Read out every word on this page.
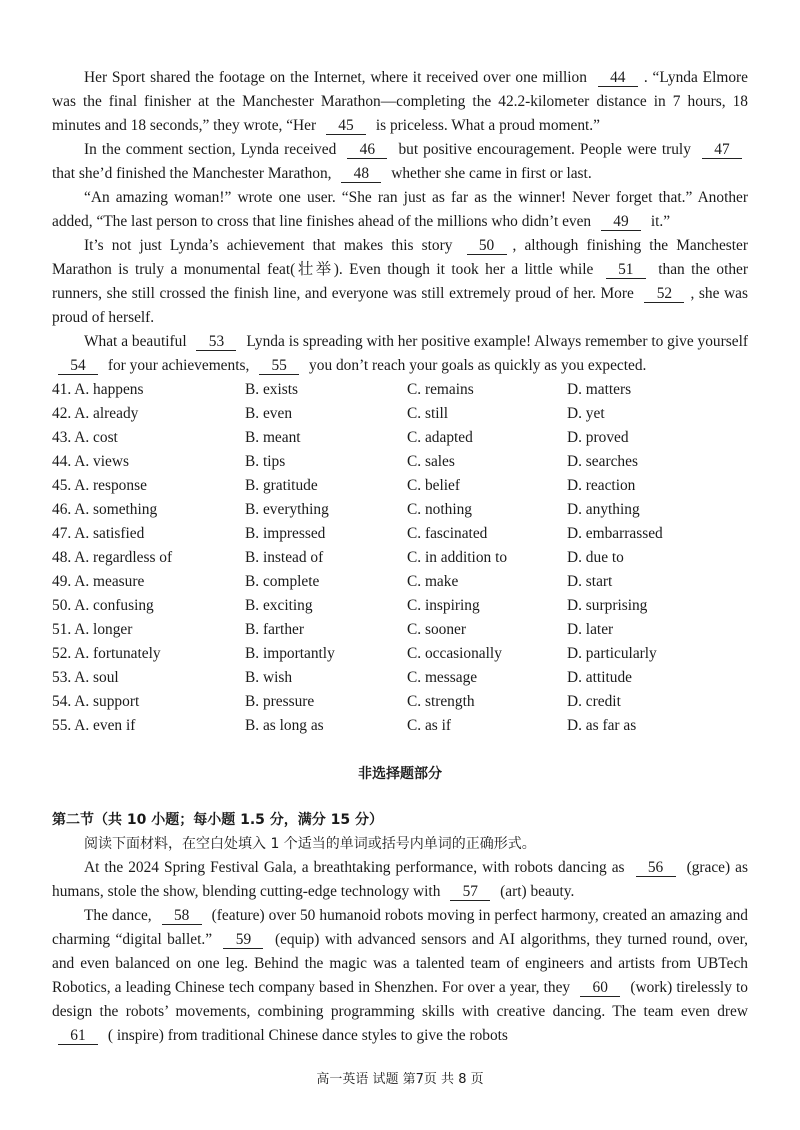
Her Sport shared the footage on the Internet, where it received over one million 44 . “Lynda Elmore was the final finisher at the Manchester Marathon—completing the 42.2-kilometer distance in 7 hours, 18 minutes and 18 seconds,” they wrote, “Her 45 is priceless. What a proud moment.”

In the comment section, Lynda received 46 but positive encouragement. People were truly 47 that she’d finished the Manchester Marathon, 48 whether she came in first or last.

“An amazing woman!” wrote one user. “She ran just as far as the winner! Never forget that.” Another added, “The last person to cross that line finishes ahead of the millions who didn’t even 49 it.”

It’s not just Lynda’s achievement that makes this story 50 , although finishing the Manchester Marathon is truly a monumental feat(壮举). Even though it took her a little while 51 than the other runners, she still crossed the finish line, and everyone was still extremely proud of her. More 52 , she was proud of herself.

What a beautiful 53 Lynda is spreading with her positive example! Always remember to give yourself 54 for your achievements, 55 you don’t reach your goals as quickly as you expected.

41. A. happens	B. exists	C. remains	D. matters
42. A. already	B. even	C. still	D. yet
43. A. cost	B. meant	C. adapted	D. proved
44. A. views	B. tips	C. sales	D. searches
45. A. response	B. gratitude	C. belief	D. reaction
46. A. something	B. everything	C. nothing	D. anything
47. A. satisfied	B. impressed	C. fascinated	D. embarrassed
48. A. regardless of	B. instead of	C. in addition to	D. due to
49. A. measure	B. complete	C. make	D. start
50. A. confusing	B. exciting	C. inspiring	D. surprising
51. A. longer	B. farther	C. sooner	D. later
52. A. fortunately	B. importantly	C. occasionally	D. particularly
53. A. soul	B. wish	C. message	D. attitude
54. A. support	B. pressure	C. strength	D. credit
55. A. even if	B. as long as	C. as if	D. as far as
非选择题部分
第二节（共 10 小题；每小题 1.5 分，满分 15 分）
阅读下面材料，在空白处填入 1 个适当的单词或括号内单词的正确形式。

At the 2024 Spring Festival Gala, a breathtaking performance, with robots dancing as 56 (grace) as humans, stole the show, blending cutting-edge technology with 57 (art) beauty.

The dance, 58 (feature) over 50 humanoid robots moving in perfect harmony, created an amazing and charming “digital ballet.” 59 (equip) with advanced sensors and AI algorithms, they turned round, over, and even balanced on one leg. Behind the magic was a talented team of engineers and artists from UBTech Robotics, a leading Chinese tech company based in Shenzhen. For over a year, they 60 (work) tirelessly to design the robots’ movements, combining programming skills with creative dancing. The team even drew 61 ( inspire) from traditional Chinese dance styles to give the robots

高一英语 试题 第7页 共 8 页
